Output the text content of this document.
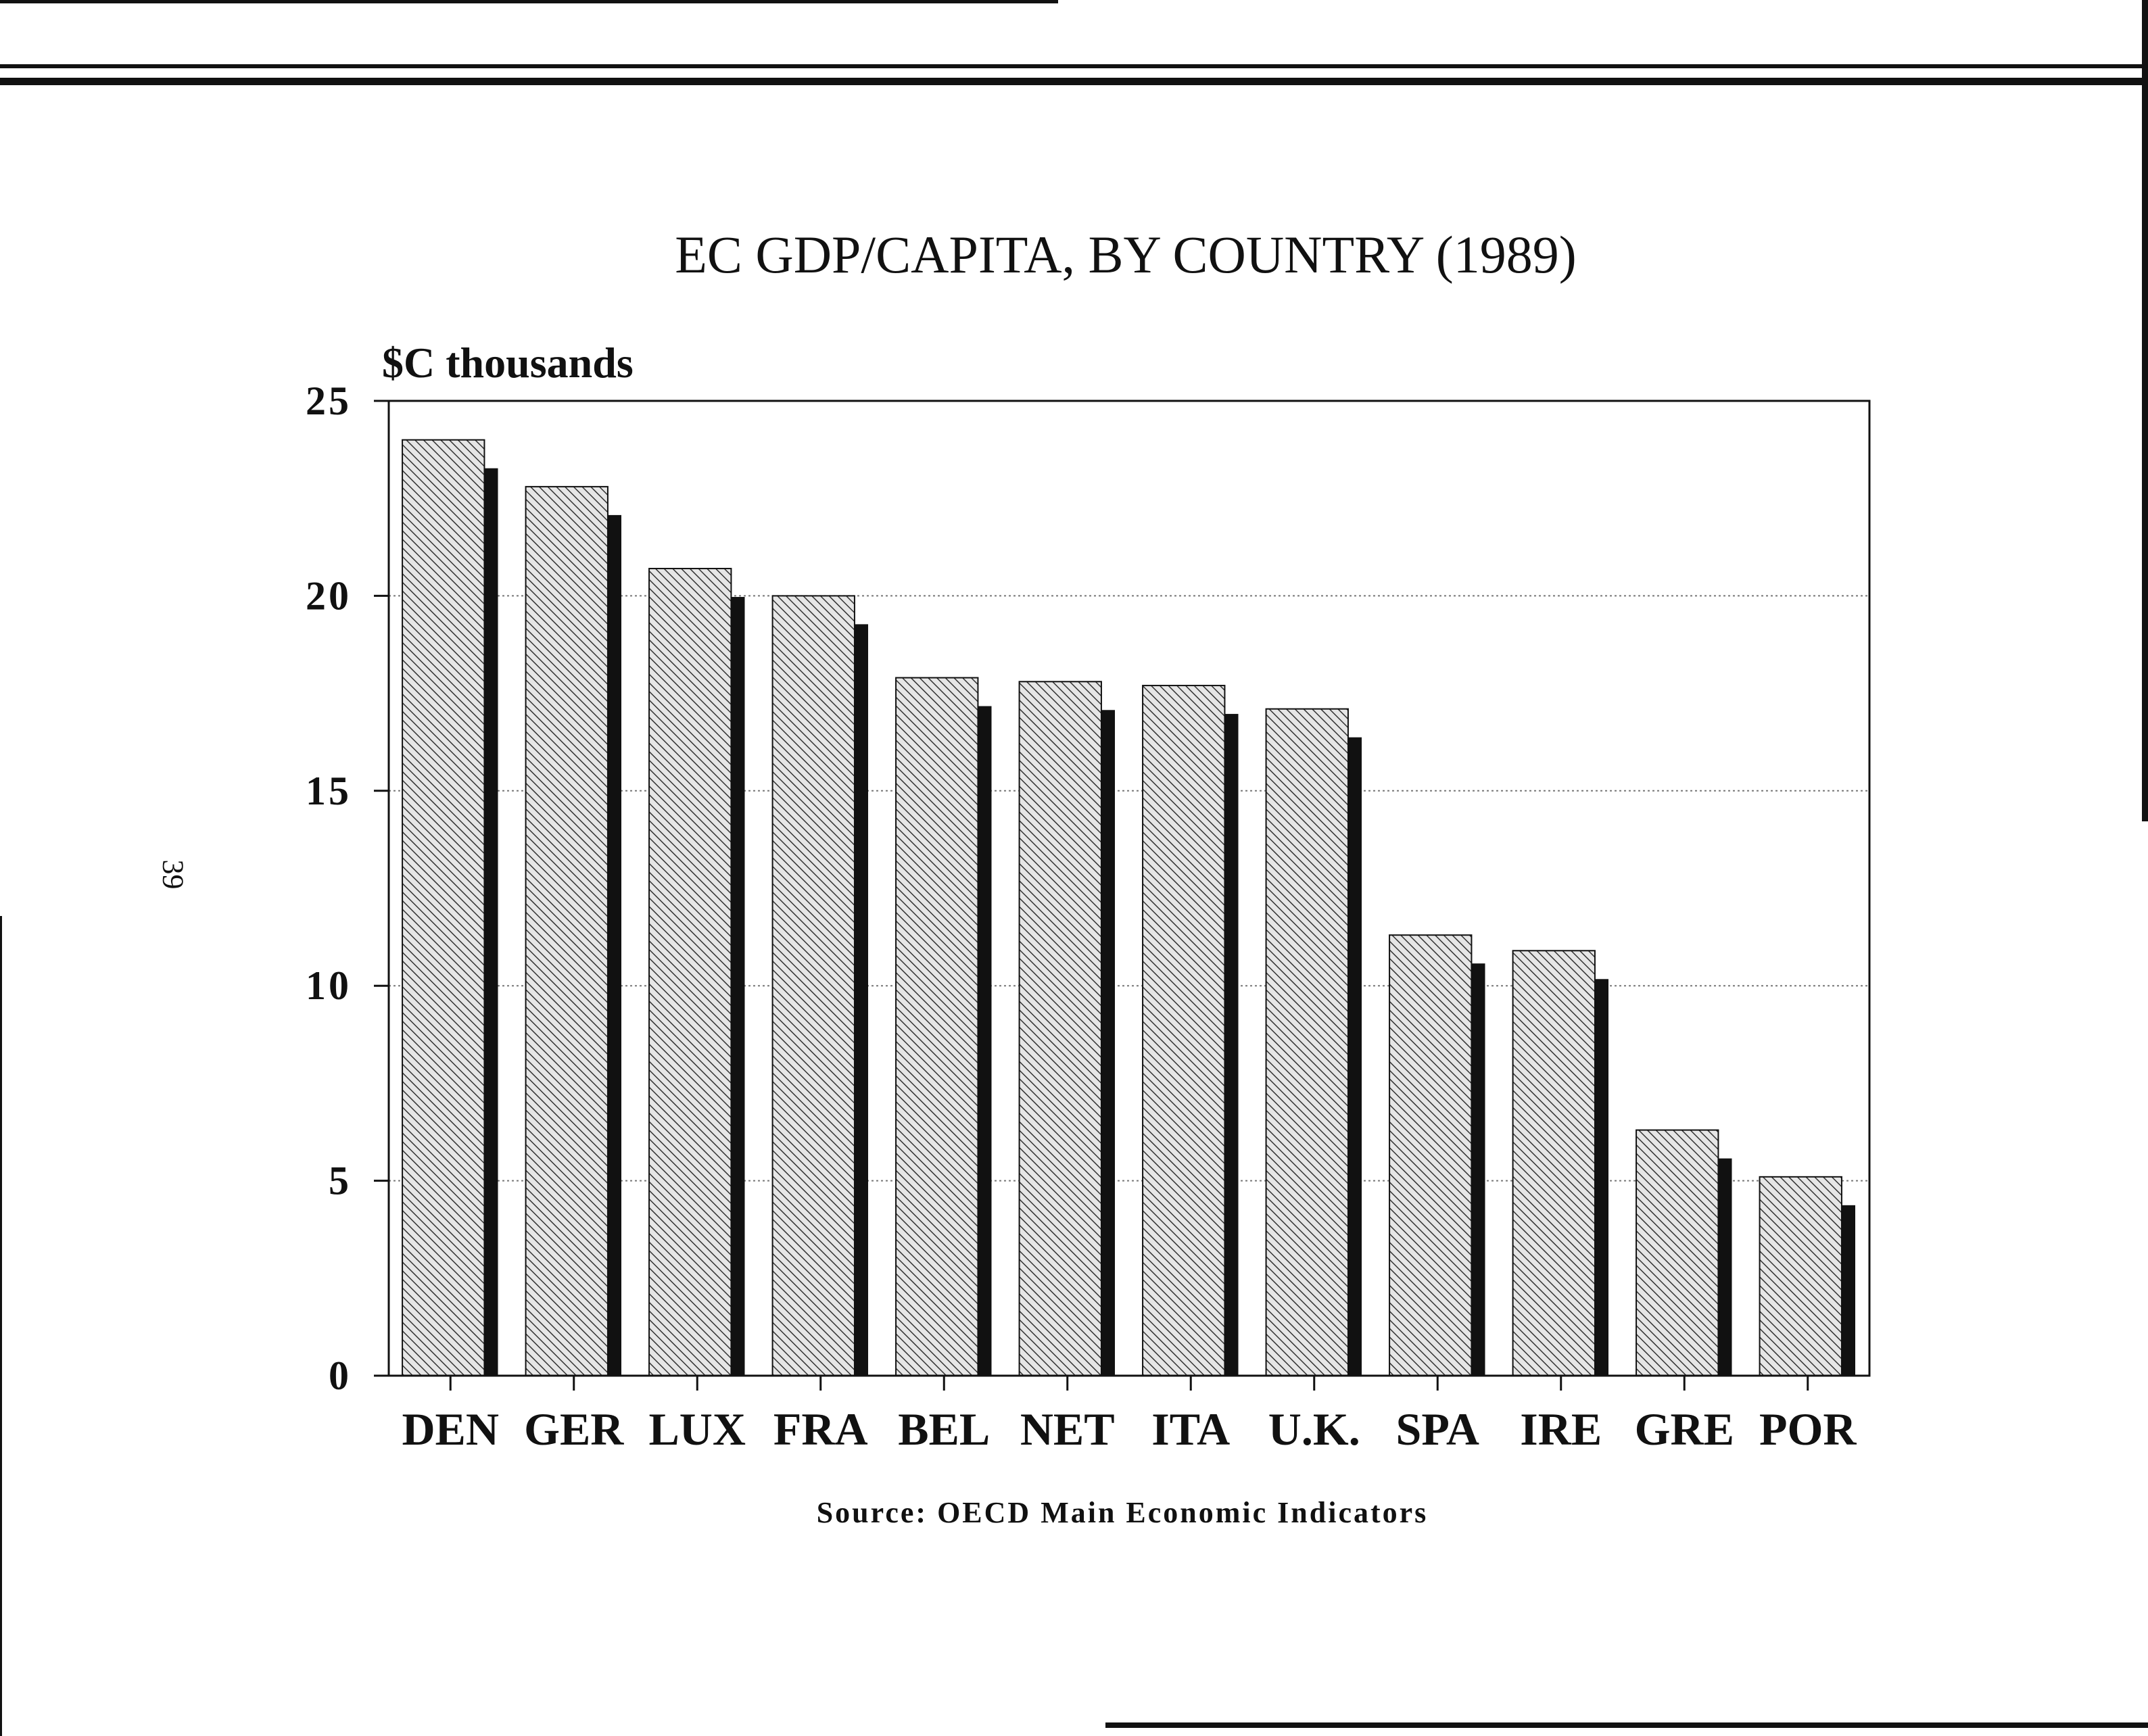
39
EC GDP/CAPITA, BY COUNTRY (1989)
$C thousands
0
5
10
15
20
25
DEN GER LUX FRA BEL NET ITA U.K. SPA IRE GRE POR
Source: OECD Main Economic Indicators
